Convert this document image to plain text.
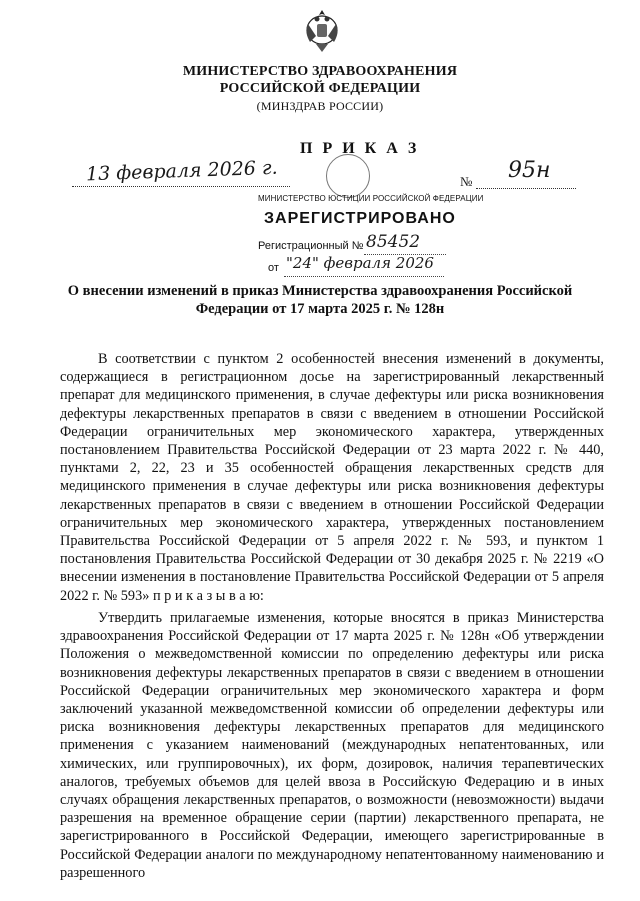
МИНИСТЕРСТВО ЗДРАВООХРАНЕНИЯ
РОССИЙСКОЙ ФЕДЕРАЦИИ
(МИНЗДРАВ РОССИИ)
П Р И К А З
13 февраля 2026 г.	№ 95н
МИНИСТЕРСТВО ЮСТИЦИИ РОССИЙСКОЙ ФЕДЕРАЦИИ
ЗАРЕГИСТРИРОВАНО
Регистрационный № 85452
от "24" февраля 2026
О внесении изменений в приказ Министерства здравоохранения Российской
Федерации от 17 марта 2025 г. № 128н

В соответствии с пунктом 2 особенностей внесения изменений в документы, содержащиеся в регистрационном досье на зарегистрированный лекарственный препарат для медицинского применения, в случае дефектуры или риска возникновения дефектуры лекарственных препаратов в связи с введением в отношении Российской Федерации ограничительных мер экономического характера, утвержденных постановлением Правительства Российской Федерации от 23 марта 2022 г. № 440, пунктами 2, 22, 23 и 35 особенностей обращения лекарственных средств для медицинского применения в случае дефектуры или риска возникновения дефектуры лекарственных препаратов в связи с введением в отношении Российской Федерации ограничительных мер экономического характера, утвержденных постановлением Правительства Российской Федерации от 5 апреля 2022 г. № 593, и пунктом 1 постановления Правительства Российской Федерации от 30 декабря 2025 г. № 2219 «О внесении изменения в постановление Правительства Российской Федерации от 5 апреля 2022 г. № 593» п р и к а з ы в а ю:

Утвердить прилагаемые изменения, которые вносятся в приказ Министерства здравоохранения Российской Федерации от 17 марта 2025 г. № 128н «Об утверждении Положения о межведомственной комиссии по определению дефектуры или риска возникновения дефектуры лекарственных препаратов в связи с введением в отношении Российской Федерации ограничительных мер экономического характера и форм заключений указанной межведомственной комиссии об определении дефектуры или риска возникновения дефектуры лекарственных препаратов для медицинского применения с указанием наименований (международных непатентованных, или химических, или группировочных), их форм, дозировок, наличия терапевтических аналогов, требуемых объемов для целей ввоза в Российскую Федерацию и в иных случаях обращения лекарственных препаратов, о возможности (невозможности) выдачи разрешения на временное обращение серии (партии) лекарственного препарата, не зарегистрированного в Российской Федерации, имеющего зарегистрированные в Российской Федерации аналоги по международному непатентованному наименованию и разрешенного
